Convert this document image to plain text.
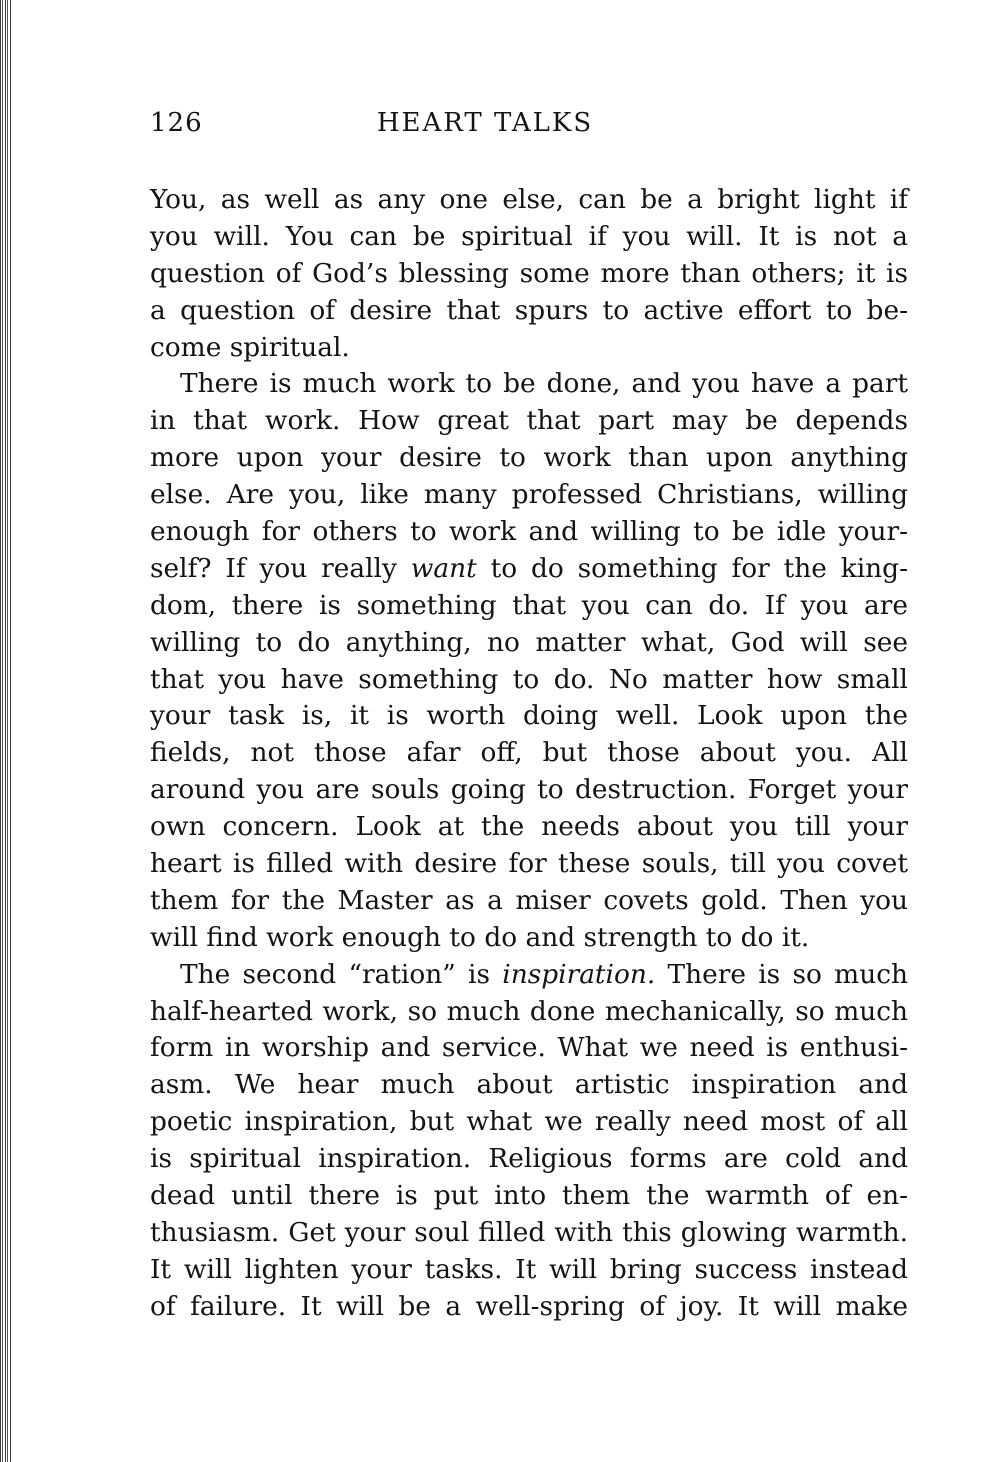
126	HEART TALKS
You, as well as any one else, can be a bright light if
you will. You can be spiritual if you will. It is not a
question of God’s blessing some more than others; it is
a question of desire that spurs to active effort to be-
come spiritual.
There is much work to be done, and you have a part
in that work. How great that part may be depends
more upon your desire to work than upon anything
else. Are you, like many professed Christians, willing
enough for others to work and willing to be idle your-
self? If you really want to do something for the king-
dom, there is something that you can do. If you are
willing to do anything, no matter what, God will see
that you have something to do. No matter how small
your task is, it is worth doing well. Look upon the
fields, not those afar off, but those about you. All
around you are souls going to destruction. Forget your
own concern. Look at the needs about you till your
heart is filled with desire for these souls, till you covet
them for the Master as a miser covets gold. Then you
will find work enough to do and strength to do it.
The second “ration” is inspiration. There is so much
half-hearted work, so much done mechanically, so much
form in worship and service. What we need is enthusi-
asm. We hear much about artistic inspiration and
poetic inspiration, but what we really need most of all
is spiritual inspiration. Religious forms are cold and
dead until there is put into them the warmth of en-
thusiasm. Get your soul filled with this glowing warmth.
It will lighten your tasks. It will bring success instead
of failure. It will be a well-spring of joy. It will make
